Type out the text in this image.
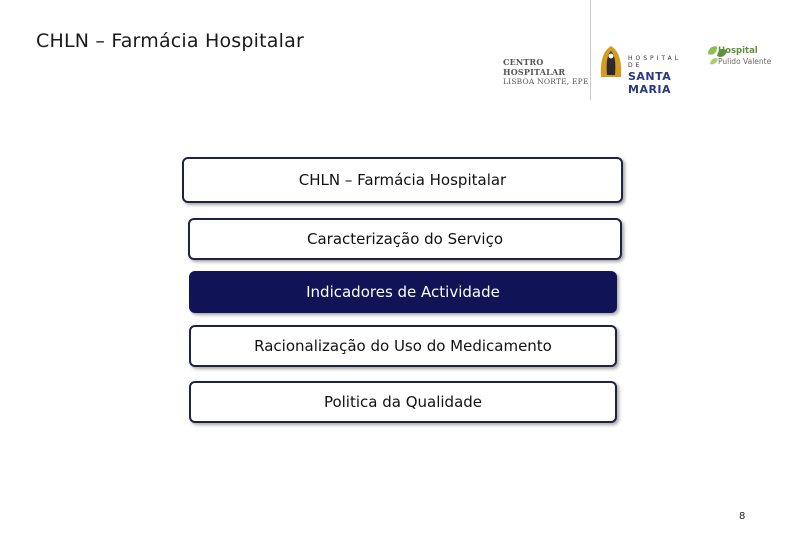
CHLN – Farmácia Hospitalar
CENTRO HOSPITALAR
LISBOA NORTE, EPE
HOSPITAL DE
SANTA MARIA
Hospital
Pulido Valente
CHLN – Farmácia Hospitalar
Caracterização do Serviço
Indicadores de Actividade
Racionalização do Uso do Medicamento
Politica da Qualidade
8
